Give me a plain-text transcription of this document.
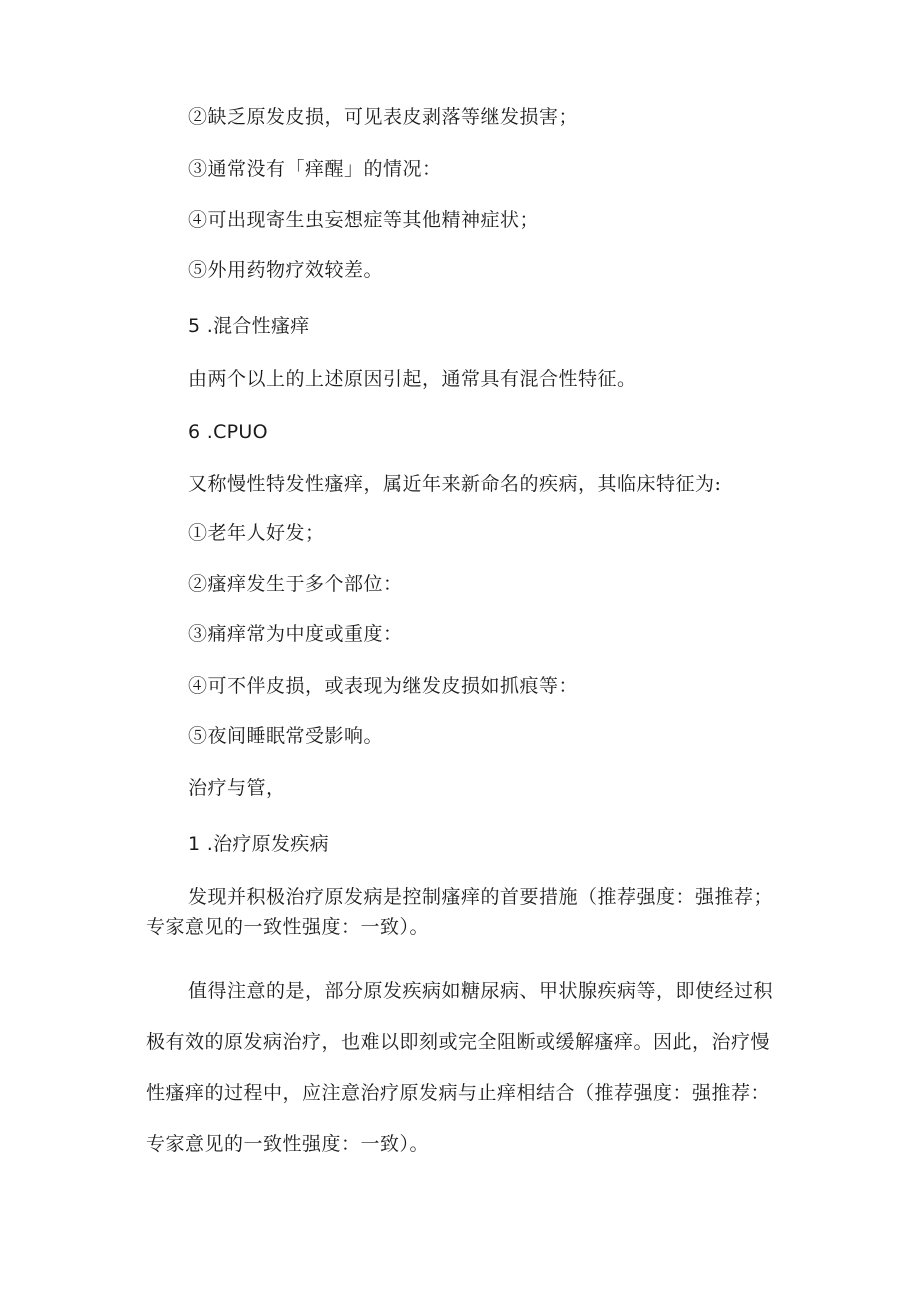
②缺乏原发皮损，可见表皮剥落等继发损害；
③通常没有「痒醒」的情况：
④可出现寄生虫妄想症等其他精神症状；
⑤外用药物疗效较差。
5 .混合性瘙痒
由两个以上的上述原因引起，通常具有混合性特征。
6 .CPUO
又称慢性特发性瘙痒，属近年来新命名的疾病，其临床特征为:
①老年人好发；
②瘙痒发生于多个部位：
③痛痒常为中度或重度：
④可不伴皮损，或表现为继发皮损如抓痕等：
⑤夜间睡眠常受影响。
治疗与管，
1 .治疗原发疾病

发现并积极治疗原发病是控制瘙痒的首要措施（推荐强度：强推荐；专家意见的一致性强度：一致）。

值得注意的是，部分原发疾病如糖尿病、甲状腺疾病等，即使经过积极有效的原发病治疗，也难以即刻或完全阻断或缓解瘙痒。因此，治疗慢性瘙痒的过程中，应注意治疗原发病与止痒相结合（推荐强度：强推荐：专家意见的一致性强度：一致）。
